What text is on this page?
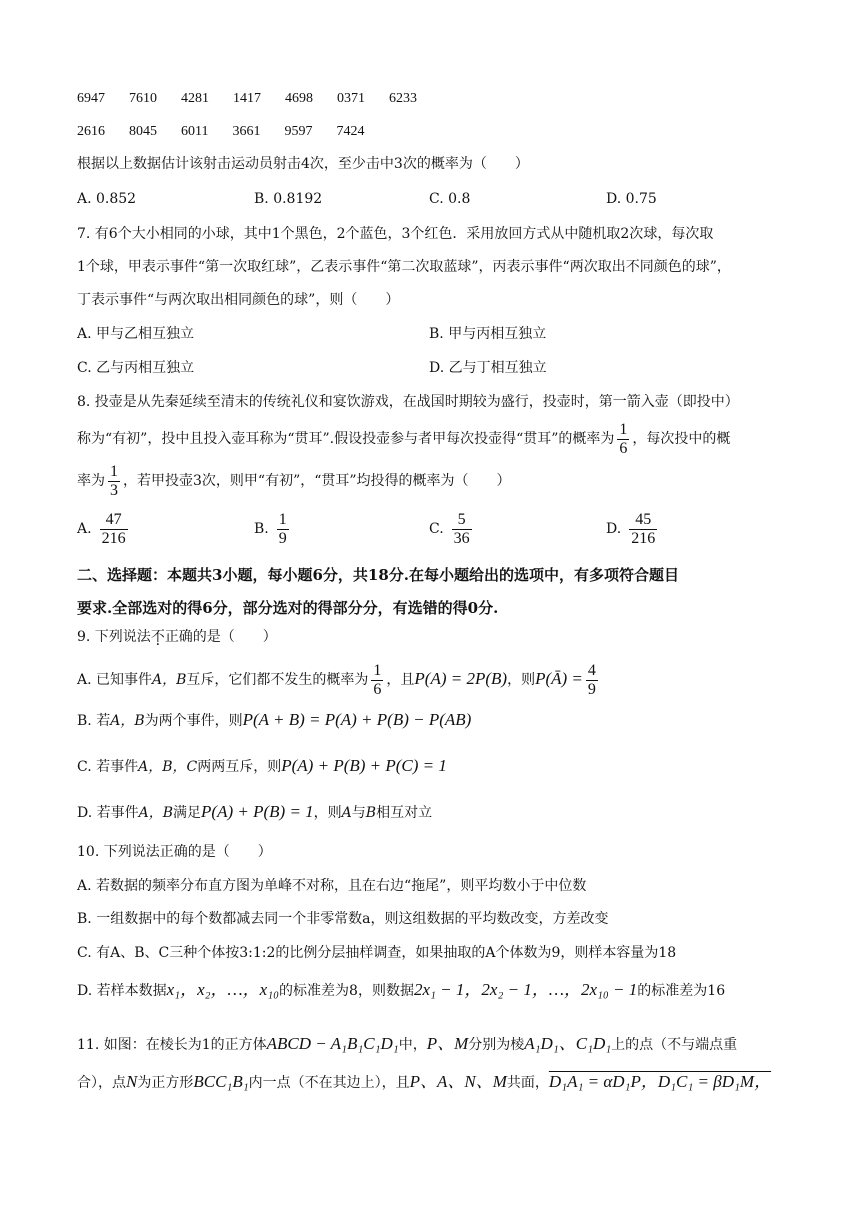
6947 7610 4281 1417 4698 0371 6233
2616 8045 6011 3661 9597 7424
根据以上数据估计该射击运动员射击4次，至少击中3次的概率为（　　）
A. 0.852	B. 0.8192	C. 0.8	D. 0.75
7. 有6个大小相同的小球，其中1个黑色，2个蓝色，3个红色．采用放回方式从中随机取2次球，每次取
1个球，甲表示事件“第一次取红球”，乙表示事件“第二次取蓝球”，丙表示事件“两次取出不同颜色的球”，
丁表示事件“与两次取出相同颜色的球”，则（　　）
A. 甲与乙相互独立	B. 甲与丙相互独立
C. 乙与丙相互独立	D. 乙与丁相互独立
8. 投壶是从先秦延续至清末的传统礼仪和宴饮游戏，在战国时期较为盛行，投壶时，第一箭入壶（即投中）
称为“有初”，投中且投入壶耳称为“贯耳”.假设投壶参与者甲每次投壶得“贯耳”的概率为 $\frac{1}{6}$ ，每次投中的概
率为 $\frac{1}{3}$ ，若甲投壶3次，则甲“有初”，“贯耳”均投得的概率为（　　）
A. $\frac{47}{216}$	B. $\frac{1}{9}$	C. $\frac{5}{36}$	D. $\frac{45}{216}$
二、选择题：本题共3小题，每小题6分，共18分.在每小题给出的选项中，有多项符合题目
要求.全部选对的得6分，部分选对的得部分分，有选错的得0分.
9. 下列说法不正确的是（　　）
A. 已知事件A，B互斥，它们都不发生的概率为 $\frac{1}{6}$ ，且P(A) = 2P(B)，则P(Ā) = $\frac{4}{9}$
B. 若A，B为两个事件，则P(A + B) = P(A) + P(B) − P(AB)
C. 若事件A，B，C两两互斥，则P(A) + P(B) + P(C) = 1
D. 若事件A，B满足P(A) + P(B) = 1，则A与B相互对立
10. 下列说法正确的是（　　）
A. 若数据的频率分布直方图为单峰不对称，且在右边“拖尾”，则平均数小于中位数
B. 一组数据中的每个数都减去同一个非零常数a，则这组数据的平均数改变，方差改变
C. 有A、B、C三种个体按3:1:2的比例分层抽样调查，如果抽取的A个体数为9，则样本容量为18
D. 若样本数据x₁，x₂，…，x₁₀的标准差为8，则数据2x₁ − 1，2x₂ − 1，…，2x₁₀ − 1的标准差为16
11. 如图：在棱长为1的正方体ABCD − A₁B₁C₁D₁中，P、M分别为棱A₁D₁、C₁D₁上的点（不与端点重
合），点N为正方形BCC₁B₁内一点（不在其边上），且P、A、N、M共面，D₁A₁ = αD₁P，D₁C₁ = βD₁M，
